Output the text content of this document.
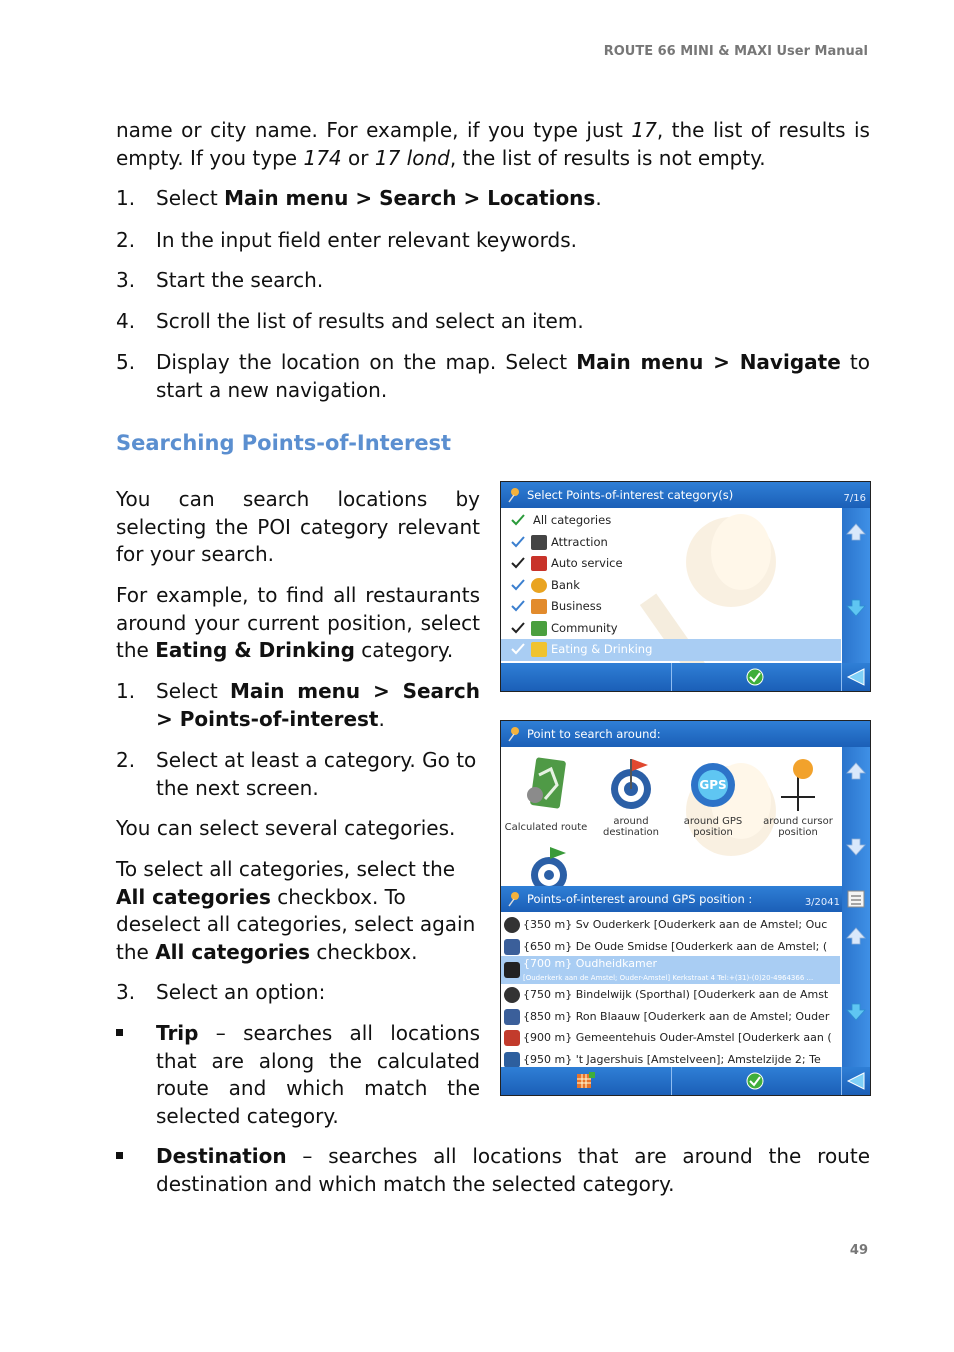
ROUTE 66 MINI & MAXI User Manual
name or city name. For example, if you type just 17, the list of results is empty. If you type 174 or 17 lond, the list of results is not empty.
1. Select Main menu > Search > Locations.
2. In the input field enter relevant keywords.
3. Start the search.
4. Scroll the list of results and select an item.
5. Display the location on the map. Select Main menu > Navigate to start a new navigation.
Searching Points-of-Interest
You can search locations by selecting the POI category relevant for your search.
For example, to find all restaurants around your current position, select the Eating & Drinking category.
1. Select Main menu > Search > Points-of-interest.
2. Select at least a category. Go to the next screen.
You can select several categories.
To select all categories, select the All categories checkbox. To deselect all categories, select again the All categories checkbox.
3. Select an option:
Trip – searches all locations that are along the calculated route and which match the selected category.
Destination – searches all locations that are around the route destination and which match the selected category.
Select Points-of-interest category(s)	7/16
All categories
Attraction
Auto service
Bank
Business
Community
Eating & Drinking
Point to search around:
Calculated route
around
destination
GPS
around GPS
position
around cursor
position
Points-of-interest around GPS position :	3/2041
{350 m} Sv Ouderkerk [Ouderkerk aan de Amstel; Ouc
{650 m} De Oude Smidse [Ouderkerk aan de Amstel; (
{700 m} Oudheidkamer
[Ouderkerk aan de Amstel; Ouder-Amstel] Kerkstraat 4 Tel:+(31)-(0)20-4964366 ...
{750 m} Bindelwijk (Sporthal) [Ouderkerk aan de Amst
{850 m} Ron Blaauw [Ouderkerk aan de Amstel; Ouder
{900 m} Gemeentehuis Ouder-Amstel [Ouderkerk aan (
{950 m} 't Jagershuis [Amstelveen]; Amstelzijde 2; Te
49
